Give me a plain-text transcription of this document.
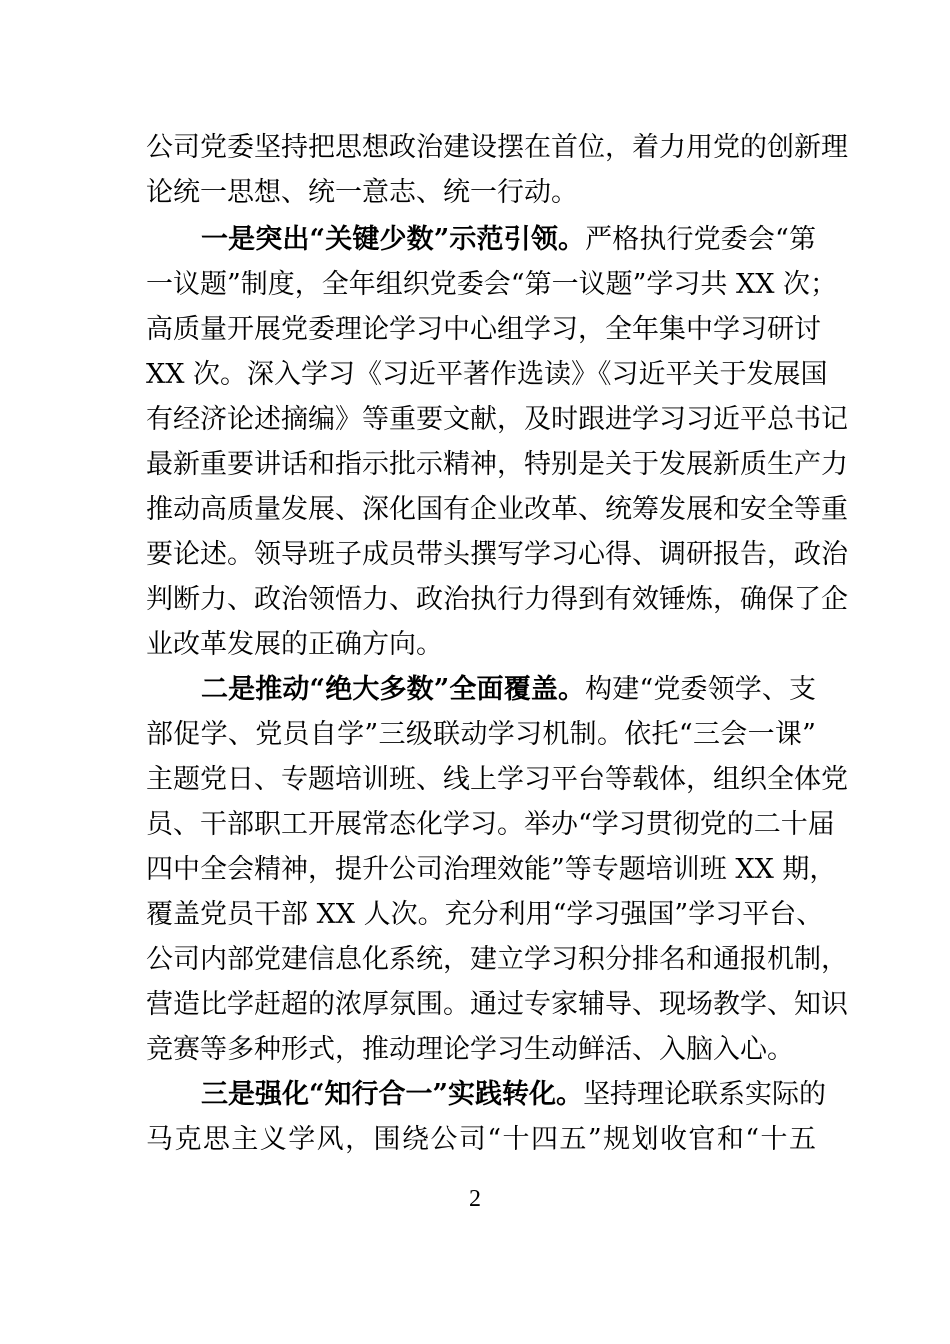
公司党委坚持把思想政治建设摆在首位，着力用党的创新理
论统一思想、统一意志、统一行动。
一是突出“关键少数”示范引领。严格执行党委会“第
一议题”制度，全年组织党委会“第一议题”学习共 XX 次；
高质量开展党委理论学习中心组学习，全年集中学习研讨
XX 次。深入学习《习近平著作选读》《习近平关于发展国
有经济论述摘编》等重要文献，及时跟进学习习近平总书记
最新重要讲话和指示批示精神，特别是关于发展新质生产力
推动高质量发展、深化国有企业改革、统筹发展和安全等重
要论述。领导班子成员带头撰写学习心得、调研报告，政治
判断力、政治领悟力、政治执行力得到有效锤炼，确保了企
业改革发展的正确方向。
二是推动“绝大多数”全面覆盖。构建“党委领学、支
部促学、党员自学”三级联动学习机制。依托“三会一课”
主题党日、专题培训班、线上学习平台等载体，组织全体党
员、干部职工开展常态化学习。举办“学习贯彻党的二十届
四中全会精神，提升公司治理效能”等专题培训班 XX 期，
覆盖党员干部 XX 人次。充分利用“学习强国”学习平台、
公司内部党建信息化系统，建立学习积分排名和通报机制，
营造比学赶超的浓厚氛围。通过专家辅导、现场教学、知识
竞赛等多种形式，推动理论学习生动鲜活、入脑入心。
三是强化“知行合一”实践转化。坚持理论联系实际的
马克思主义学风，围绕公司“十四五”规划收官和“十五
2
